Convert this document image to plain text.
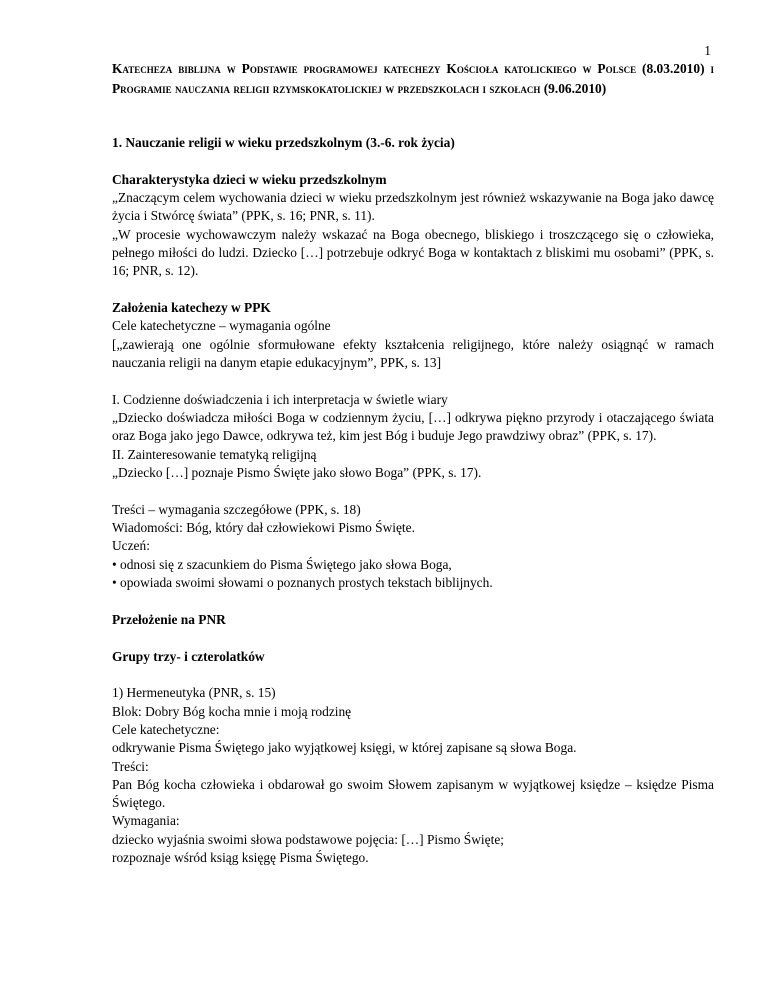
1
Katecheza biblijna w Podstawie programowej katechezy Kościoła katolickiego w Polsce (8.03.2010) i Programie nauczania religii rzymskokatolickiej w przedszkolach i szkołach (9.06.2010)

1. Nauczanie religii w wieku przedszkolnym (3.-6. rok życia)

Charakterystyka dzieci w wieku przedszkolnym

„Znaczącym celem wychowania dzieci w wieku przedszkolnym jest również wskazywanie na Boga jako dawcę życia i Stwórcę świata” (PPK, s. 16; PNR, s. 11).

„W procesie wychowawczym należy wskazać na Boga obecnego, bliskiego i troszczącego się o człowieka, pełnego miłości do ludzi. Dziecko […] potrzebuje odkryć Boga w kontaktach z bliskimi mu osobami” (PPK, s. 16; PNR, s. 12).

Założenia katechezy w PPK

Cele katechetyczne – wymagania ogólne

[„zawierają one ogólnie sformułowane efekty kształcenia religijnego, które należy osiągnąć w ramach nauczania religii na danym etapie edukacyjnym”, PPK, s. 13]

I. Codzienne doświadczenia i ich interpretacja w świetle wiary

„Dziecko doświadcza miłości Boga w codziennym życiu, […] odkrywa piękno przyrody i otaczającego świata oraz Boga jako jego Dawce, odkrywa też, kim jest Bóg i buduje Jego prawdziwy obraz” (PPK, s. 17).

II. Zainteresowanie tematyką religijną

„Dziecko […] poznaje Pismo Święte jako słowo Boga” (PPK, s. 17).

Treści – wymagania szczegółowe (PPK, s. 18)

Wiadomości: Bóg, który dał człowiekowi Pismo Święte.

Uczeń:

• odnosi się z szacunkiem do Pisma Świętego jako słowa Boga,

• opowiada swoimi słowami o poznanych prostych tekstach biblijnych.

Przełożenie na PNR

Grupy trzy- i czterolatków

1) Hermeneutyka (PNR, s. 15)

Blok: Dobry Bóg kocha mnie i moją rodzinę

Cele katechetyczne:

odkrywanie Pisma Świętego jako wyjątkowej księgi, w której zapisane są słowa Boga.

Treści:

Pan Bóg kocha człowieka i obdarował go swoim Słowem zapisanym w wyjątkowej księdze – księdze Pisma Świętego.

Wymagania:

dziecko wyjaśnia swoimi słowa podstawowe pojęcia: […] Pismo Święte;

rozpoznaje wśród ksiąg księgę Pisma Świętego.
